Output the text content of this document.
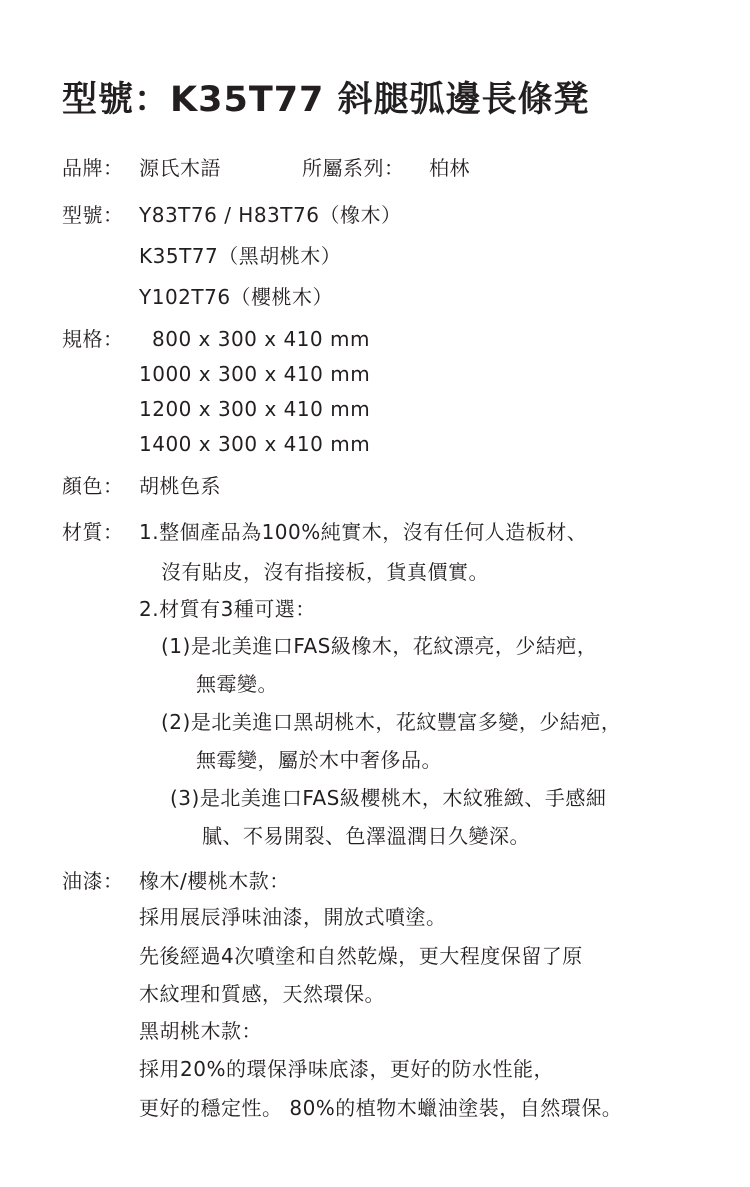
型號：K35T77 斜腿弧邊長條凳
品牌： 源氏木語	所屬系列： 柏林
型號： Y83T76 / H83T76（橡木）
K35T77（黑胡桃木）
Y102T76（櫻桃木）
規格： 800 x 300 x 410 mm
1000 x 300 x 410 mm
1200 x 300 x 410 mm
1400 x 300 x 410 mm
顏色： 胡桃色系
材質： 1.整個產品為100%純實木，沒有任何人造板材、
沒有貼皮，沒有指接板，貨真價實。
2.材質有3種可選：
(1)是北美進口FAS級橡木，花紋漂亮，少結疤，
無霉變。
(2)是北美進口黑胡桃木，花紋豐富多變，少結疤，
無霉變，屬於木中奢侈品。
(3)是北美進口FAS級櫻桃木，木紋雅緻、手感細
膩、不易開裂、色澤溫潤日久變深。
油漆： 橡木/櫻桃木款：
採用展辰淨味油漆，開放式噴塗。
先後經過4次噴塗和自然乾燥，更大程度保留了原
木紋理和質感，天然環保。
黑胡桃木款：
採用20%的環保淨味底漆，更好的防水性能，
更好的穩定性。 80%的植物木蠟油塗裝，自然環保。
